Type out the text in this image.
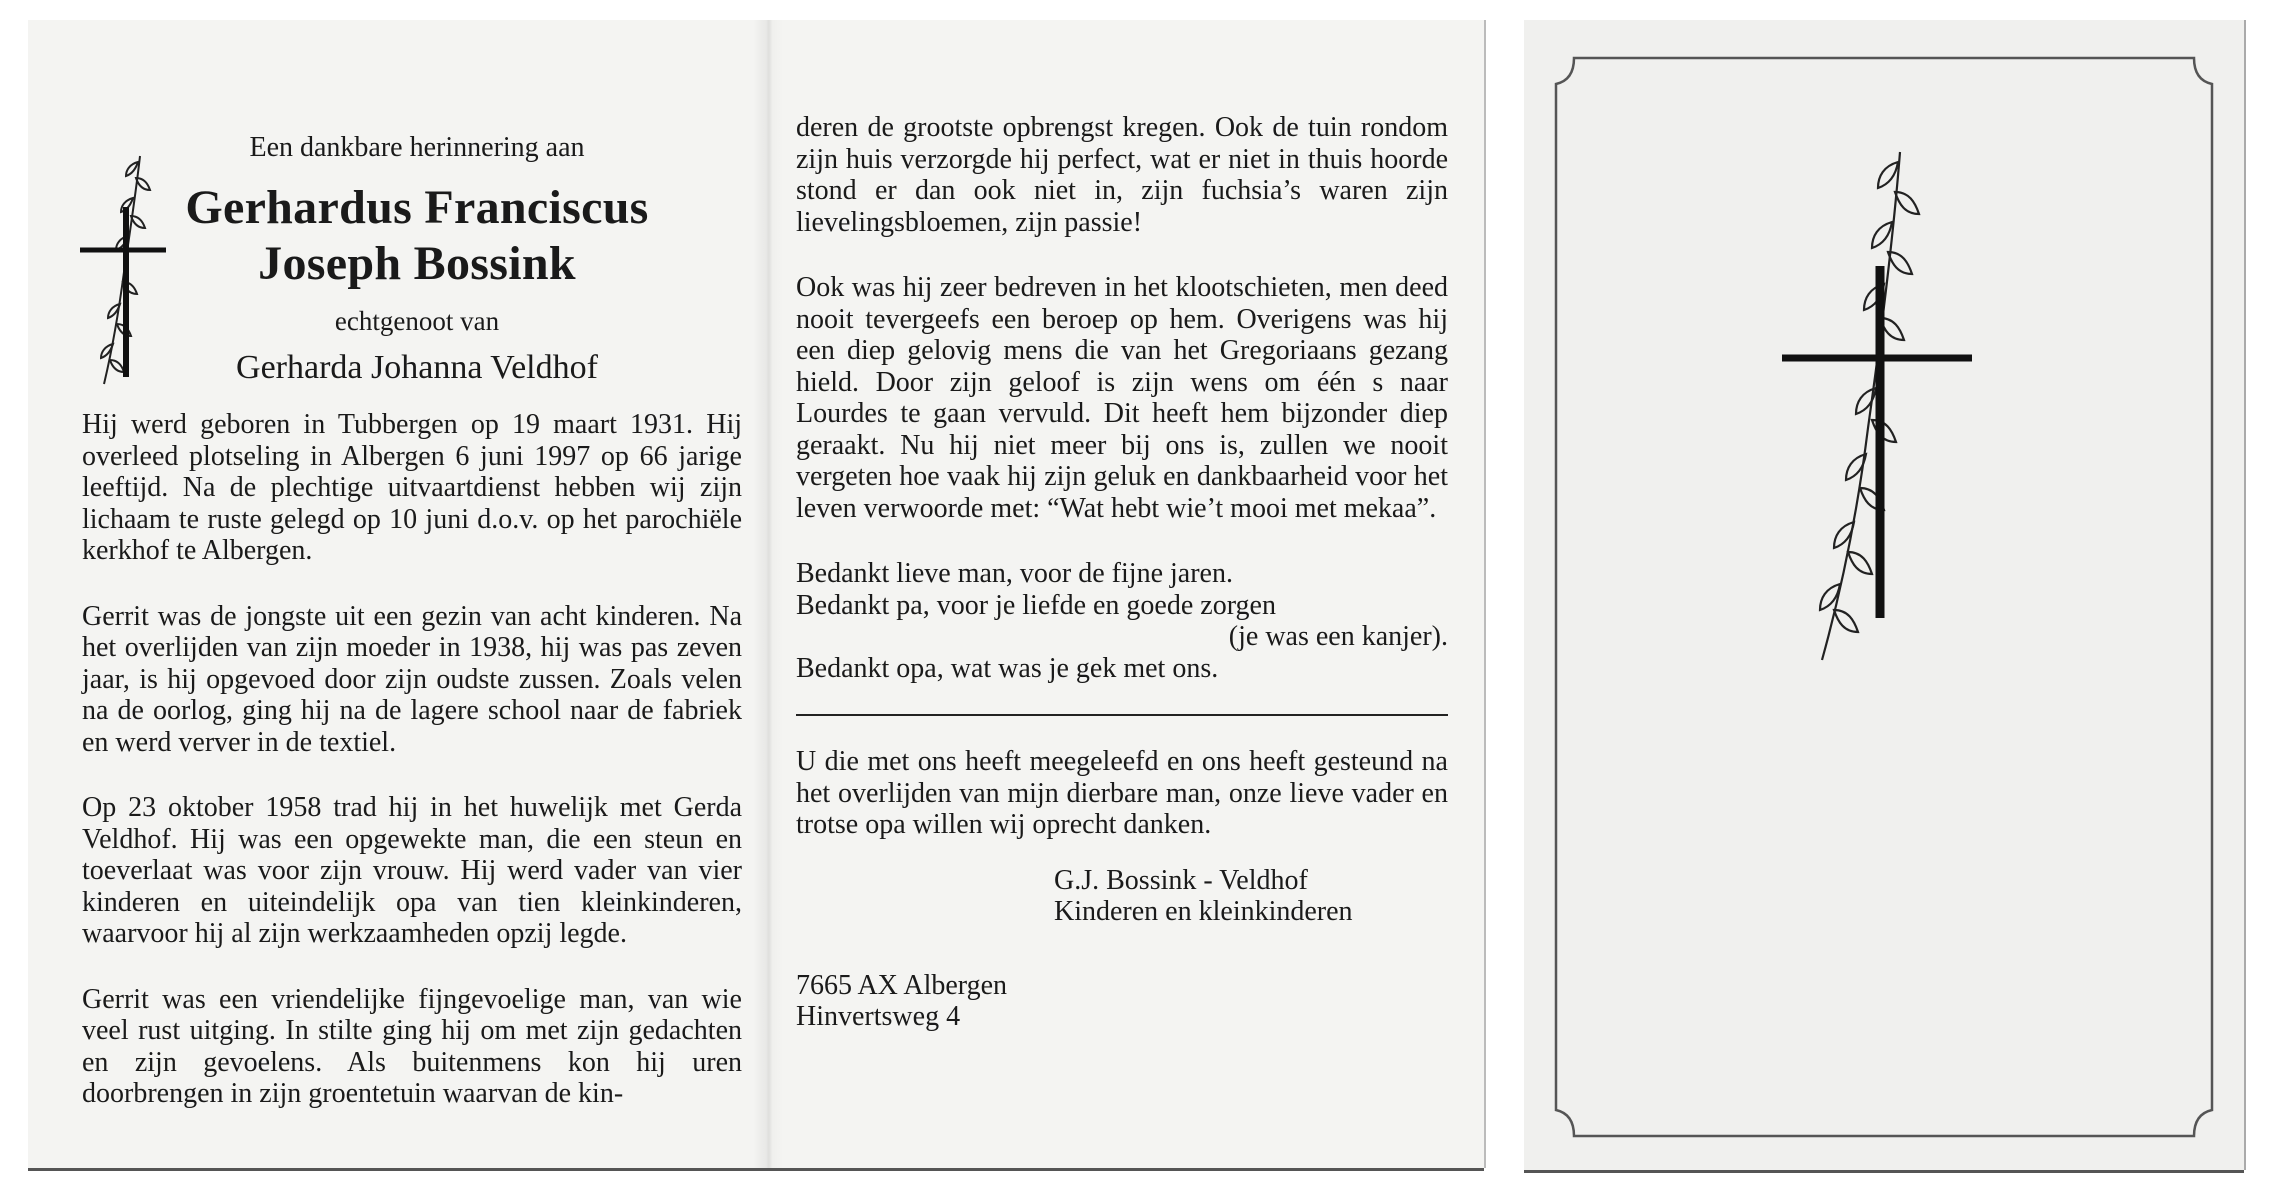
Een dankbare herinnering aan
Gerhardus Franciscus
Joseph Bossink
echtgenoot van
Gerharda Johanna Veldhof

Hij werd geboren in Tubbergen op 19 maart 1931. Hij overleed plotseling in Albergen 6 juni 1997 op 66 jarige leeftijd. Na de plechtige uitvaartdienst hebben wij zijn lichaam te ruste gelegd op 10 juni d.o.v. op het parochiële kerkhof te Albergen.

Gerrit was de jongste uit een gezin van acht kinderen. Na het overlijden van zijn moeder in 1938, hij was pas zeven jaar, is hij opgevoed door zijn oudste zussen. Zoals velen na de oorlog, ging hij na de lagere school naar de fabriek en werd verver in de textiel.

Op 23 oktober 1958 trad hij in het huwelijk met Gerda Veldhof. Hij was een opgewekte man, die een steun en toeverlaat was voor zijn vrouw. Hij werd vader van vier kinderen en uiteindelijk opa van tien kleinkinderen, waarvoor hij al zijn werkzaamheden opzij legde.

Gerrit was een vriendelijke fijngevoelige man, van wie veel rust uitging. In stilte ging hij om met zijn gedachten en zijn gevoelens. Als buitenmens kon hij uren doorbrengen in zijn groentetuin waarvan de kin-

deren de grootste opbrengst kregen. Ook de tuin rondom zijn huis verzorgde hij perfect, wat er niet in thuis hoorde stond er dan ook niet in, zijn fuchsia’s waren zijn lievelingsbloemen, zijn passie!

Ook was hij zeer bedreven in het klootschieten, men deed nooit tevergeefs een beroep op hem. Overigens was hij een diep gelovig mens die van het Gregoriaans gezang hield. Door zijn geloof is zijn wens om één s naar Lourdes te gaan vervuld. Dit heeft hem bijzonder diep geraakt. Nu hij niet meer bij ons is, zullen we nooit vergeten hoe vaak hij zijn geluk en dankbaarheid voor het leven verwoorde met: “Wat hebt wie’t mooi met mekaa”.

Bedankt lieve man, voor de fijne jaren.
Bedankt pa, voor je liefde en goede zorgen
(je was een kanjer).
Bedankt opa, wat was je gek met ons.

U die met ons heeft meegeleefd en ons heeft gesteund na het overlijden van mijn dierbare man, onze lieve vader en trotse opa willen wij oprecht danken.

G.J. Bossink - Veldhof
Kinderen en kleinkinderen
7665 AX Albergen
Hinvertsweg 4
